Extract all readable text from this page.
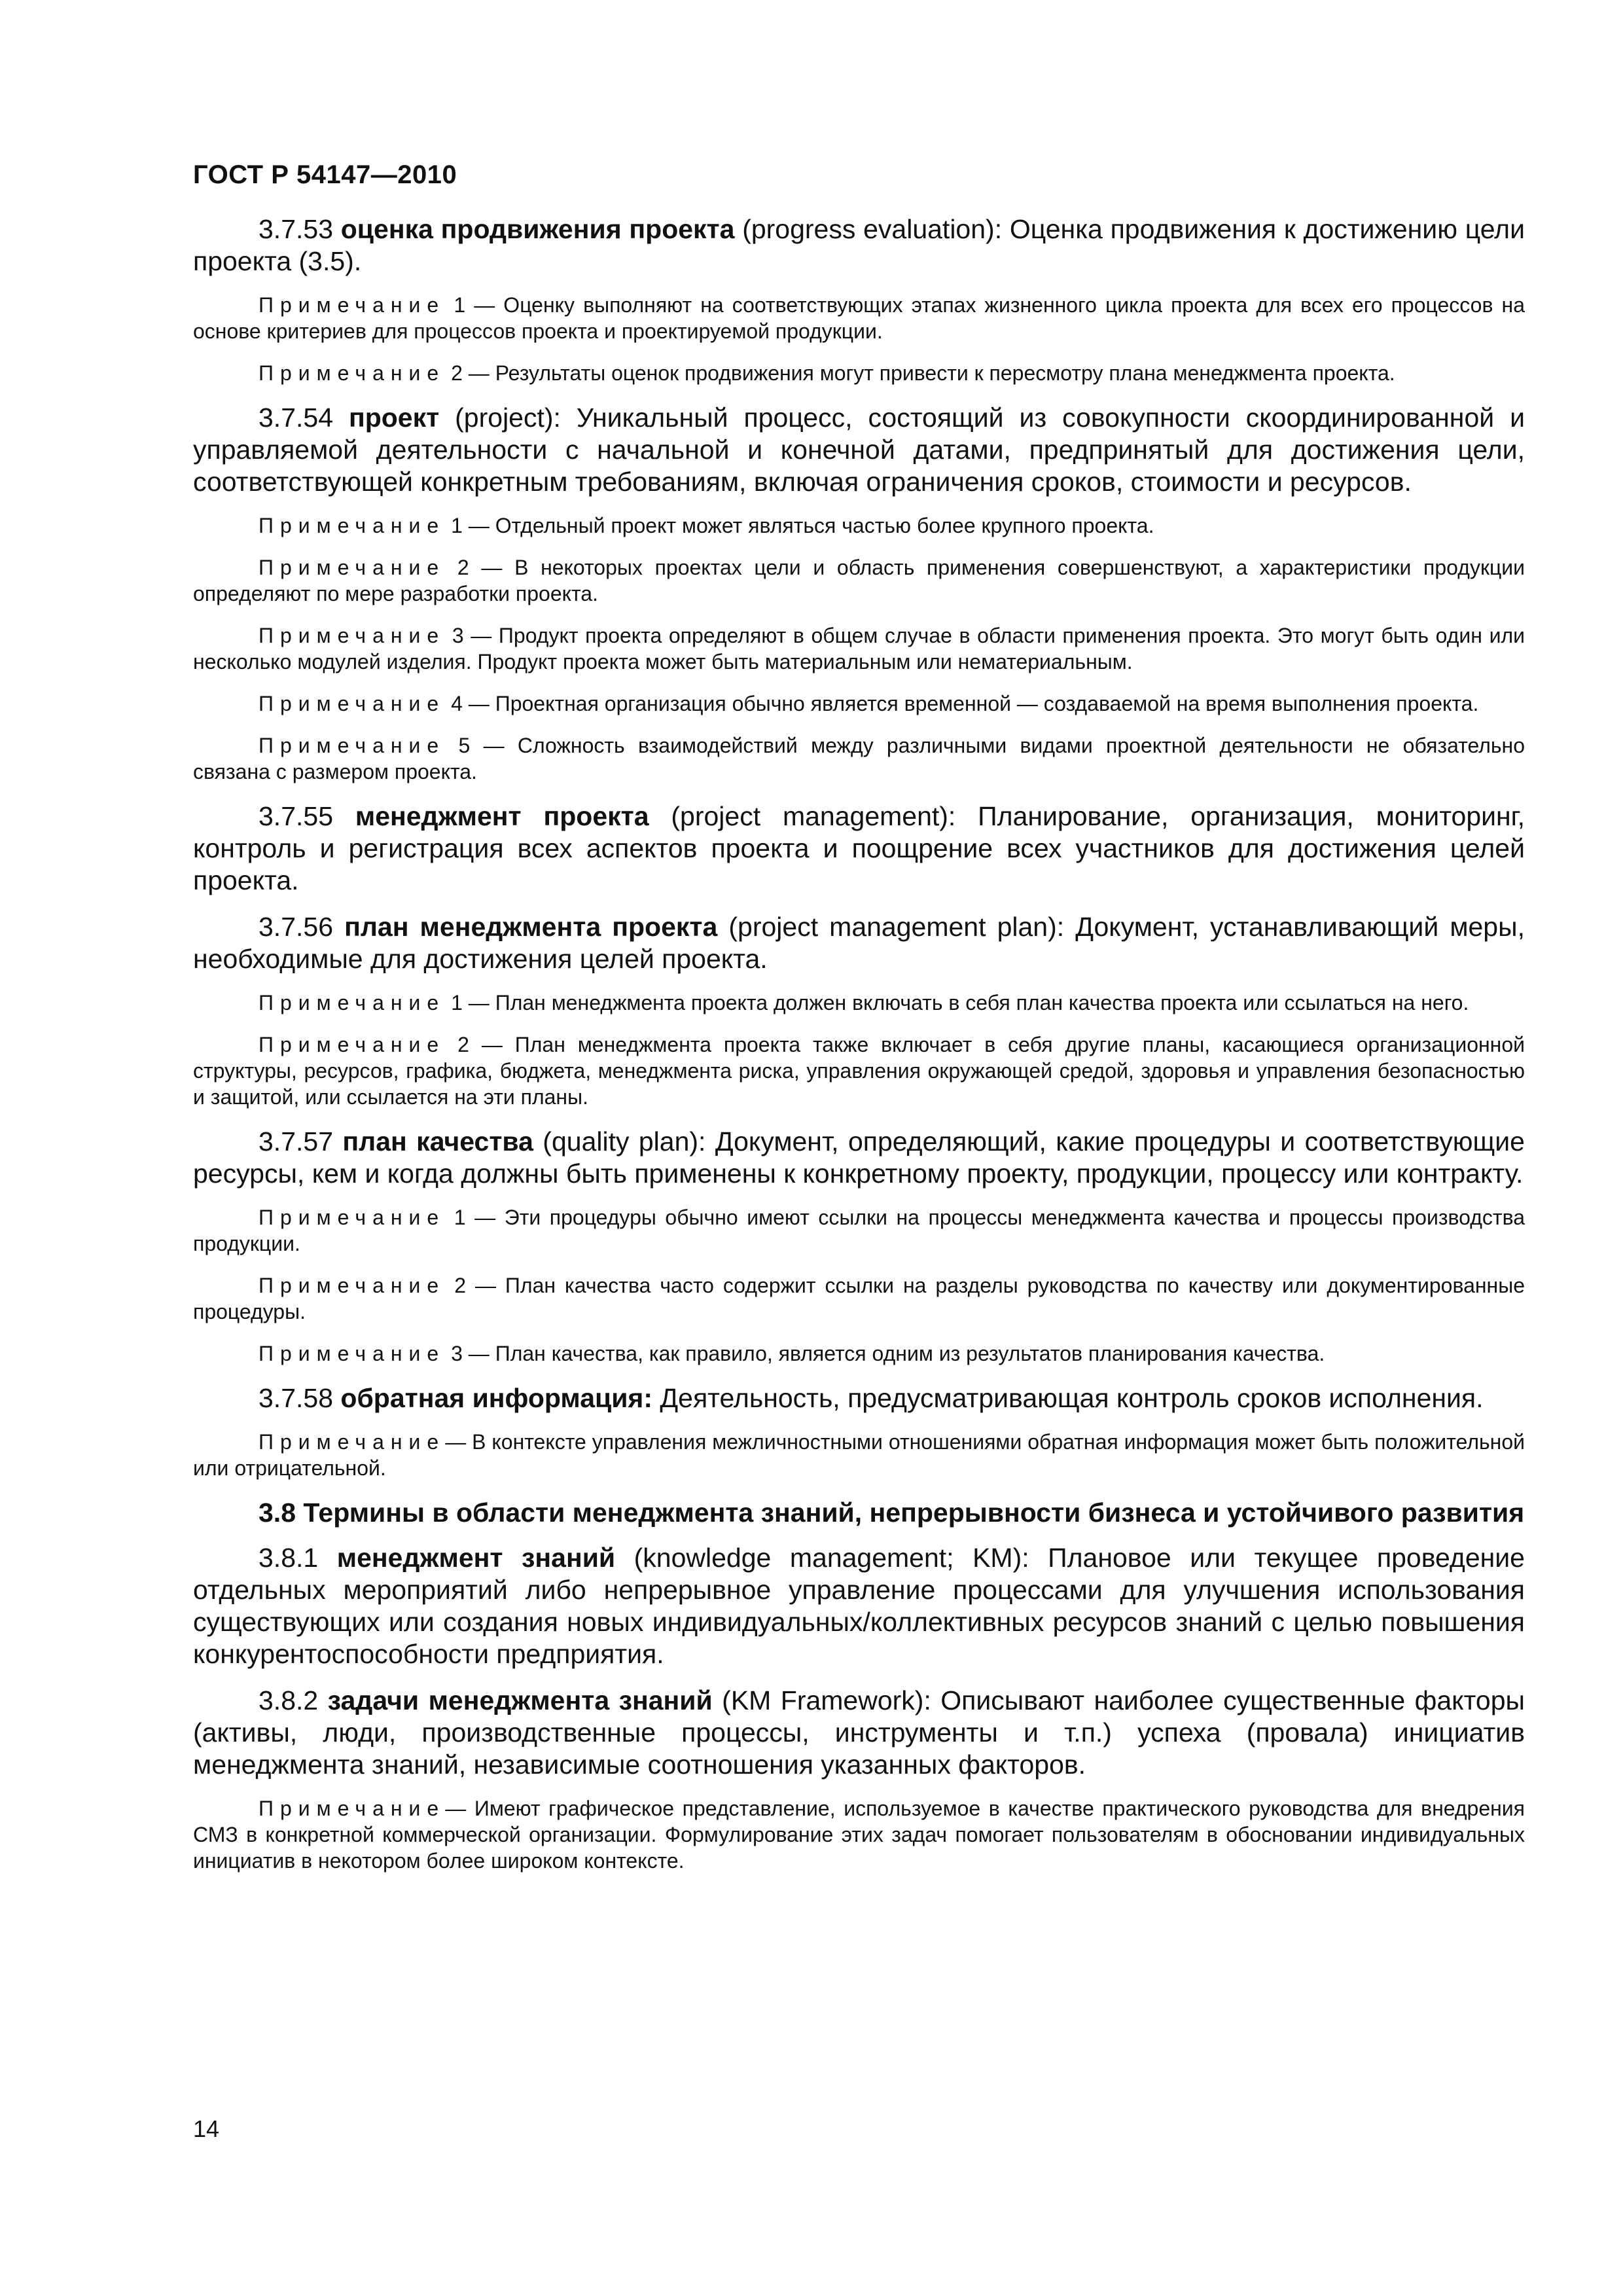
ГОСТ Р 54147—2010

3.7.53 оценка продвижения проекта (progress evaluation): Оценка продвижения к достижению цели проекта (3.5).

Примечание 1 — Оценку выполняют на соответствующих этапах жизненного цикла проекта для всех его процессов на основе критериев для процессов проекта и проектируемой продукции.

Примечание 2 — Результаты оценок продвижения могут привести к пересмотру плана менеджмента проекта.

3.7.54 проект (project): Уникальный процесс, состоящий из совокупности скоординированной и управляемой деятельности с начальной и конечной датами, предпринятый для достижения цели, соответствующей конкретным требованиям, включая ограничения сроков, стоимости и ресурсов.

Примечание 1 — Отдельный проект может являться частью более крупного проекта.

Примечание 2 — В некоторых проектах цели и область применения совершенствуют, а характеристики продукции определяют по мере разработки проекта.

Примечание 3 — Продукт проекта определяют в общем случае в области применения проекта. Это могут быть один или несколько модулей изделия. Продукт проекта может быть материальным или нематериальным.

Примечание 4 — Проектная организация обычно является временной — создаваемой на время выполнения проекта.

Примечание 5 — Сложность взаимодействий между различными видами проектной деятельности не обязательно связана с размером проекта.

3.7.55 менеджмент проекта (project management): Планирование, организация, мониторинг, контроль и регистрация всех аспектов проекта и поощрение всех участников для достижения целей проекта.

3.7.56 план менеджмента проекта (project management plan): Документ, устанавливающий меры, необходимые для достижения целей проекта.

Примечание 1 — План менеджмента проекта должен включать в себя план качества проекта или ссылаться на него.

Примечание 2 — План менеджмента проекта также включает в себя другие планы, касающиеся организационной структуры, ресурсов, графика, бюджета, менеджмента риска, управления окружающей средой, здоровья и управления безопасностью и защитой, или ссылается на эти планы.

3.7.57 план качества (quality plan): Документ, определяющий, какие процедуры и соответствующие ресурсы, кем и когда должны быть применены к конкретному проекту, продукции, процессу или контракту.

Примечание 1 — Эти процедуры обычно имеют ссылки на процессы менеджмента качества и процессы производства продукции.

Примечание 2 — План качества часто содержит ссылки на разделы руководства по качеству или документированные процедуры.

Примечание 3 — План качества, как правило, является одним из результатов планирования качества.

3.7.58 обратная информация: Деятельность, предусматривающая контроль сроков исполнения.

Примечание— В контексте управления межличностными отношениями обратная информация может быть положительной или отрицательной.

3.8 Термины в области менеджмента знаний, непрерывности бизнеса и устойчивого развития

3.8.1 менеджмент знаний (knowledge management; KM): Плановое или текущее проведение отдельных мероприятий либо непрерывное управление процессами для улучшения использования существующих или создания новых индивидуальных/коллективных ресурсов знаний с целью повышения конкурентоспособности предприятия.

3.8.2 задачи менеджмента знаний (KM Framework): Описывают наиболее существенные факторы (активы, люди, производственные процессы, инструменты и т.п.) успеха (провала) инициатив менеджмента знаний, независимые соотношения указанных факторов.

Примечание— Имеют графическое представление, используемое в качестве практического руководства для внедрения СМЗ в конкретной коммерческой организации. Формулирование этих задач помогает пользователям в обосновании индивидуальных инициатив в некотором более широком контексте.

14
